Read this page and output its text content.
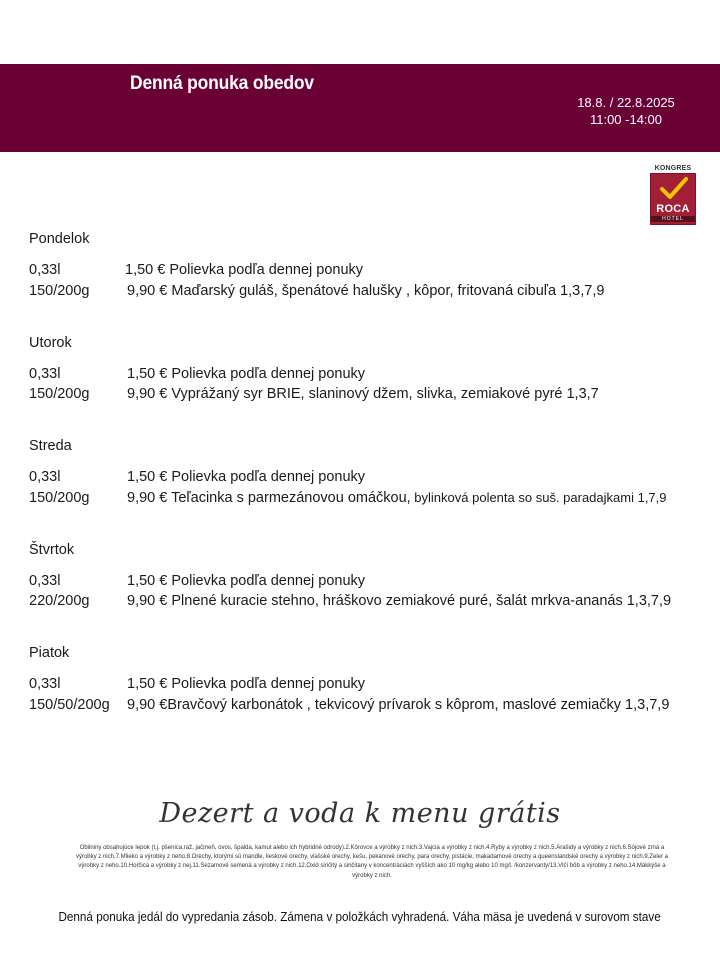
Denná ponuka obedov
18.8. / 22.8.2025
11:00 -14:00
KONGRES
ROCA
HOTEL
Pondelok
0,33l	1,50 € Polievka podľa dennej ponuky
150/200g	9,90 € Maďarský guláš, špenátové halušky , kôpor, fritovaná cibuľa 1,3,7,9
Utorok
0,33l	1,50 € Polievka podľa dennej ponuky
150/200g	9,90 € Vyprážaný syr BRIE, slaninový džem, slivka, zemiakové pyré 1,3,7
Streda
0,33l	1,50 € Polievka podľa dennej ponuky
150/200g	9,90 € Teľacinka s parmezánovou omáčkou, bylinková polenta so suš. paradajkami 1,7,9
Štvrtok
0,33l	1,50 € Polievka podľa dennej ponuky
220/200g	9,90 € Plnené kuracie stehno, hráškovo zemiakové puré, šalát mrkva-ananás 1,3,7,9
Piatok
0,33l	1,50 € Polievka podľa dennej ponuky
150/50/200g 9,90 €Bravčový karbonátok , tekvicový prívarok s kôprom, maslové zemiačky 1,3,7,9
Dezert a voda k menu grátis
Obilniny obsahujúce lepok (t.j. pšenica,raž, jačmeň, ovos, špalda, kamut alebo ich hybridné odrody).2.Kôrovce a výrobky z nich.3.Vajcia a výrobky z nich.4.Ryby a výrobky z nich.5.Arašidy a výrobky z nich.6.Sójové zrná a výrobky z nich.7.Mlieko a výrobky z neho.8.Orechy, ktorými sú mandle, lieskové orechy, vlašské orechy, kešu, pekanové orechy, para orechy, pistácie, makadamové orechy a queenslandské orechy a výrobky z nich.9.Zeler a výrobky z neho.10.Horčica a výrobky z nej.11.Sezamové semená a výrobky z nich.12.Oxid siričitý a siričitany v koncentráciách vyšších ako 10 mg/kg alebo 10 mg/l. /konzervanty/13.Vlčí bôb a výrobky z neho.14.Mäkkýše a výrobky z nich.
Denná ponuka jedál do vypredania zásob. Zámena v položkách vyhradená. Váha mäsa je uvedená v surovom stave
